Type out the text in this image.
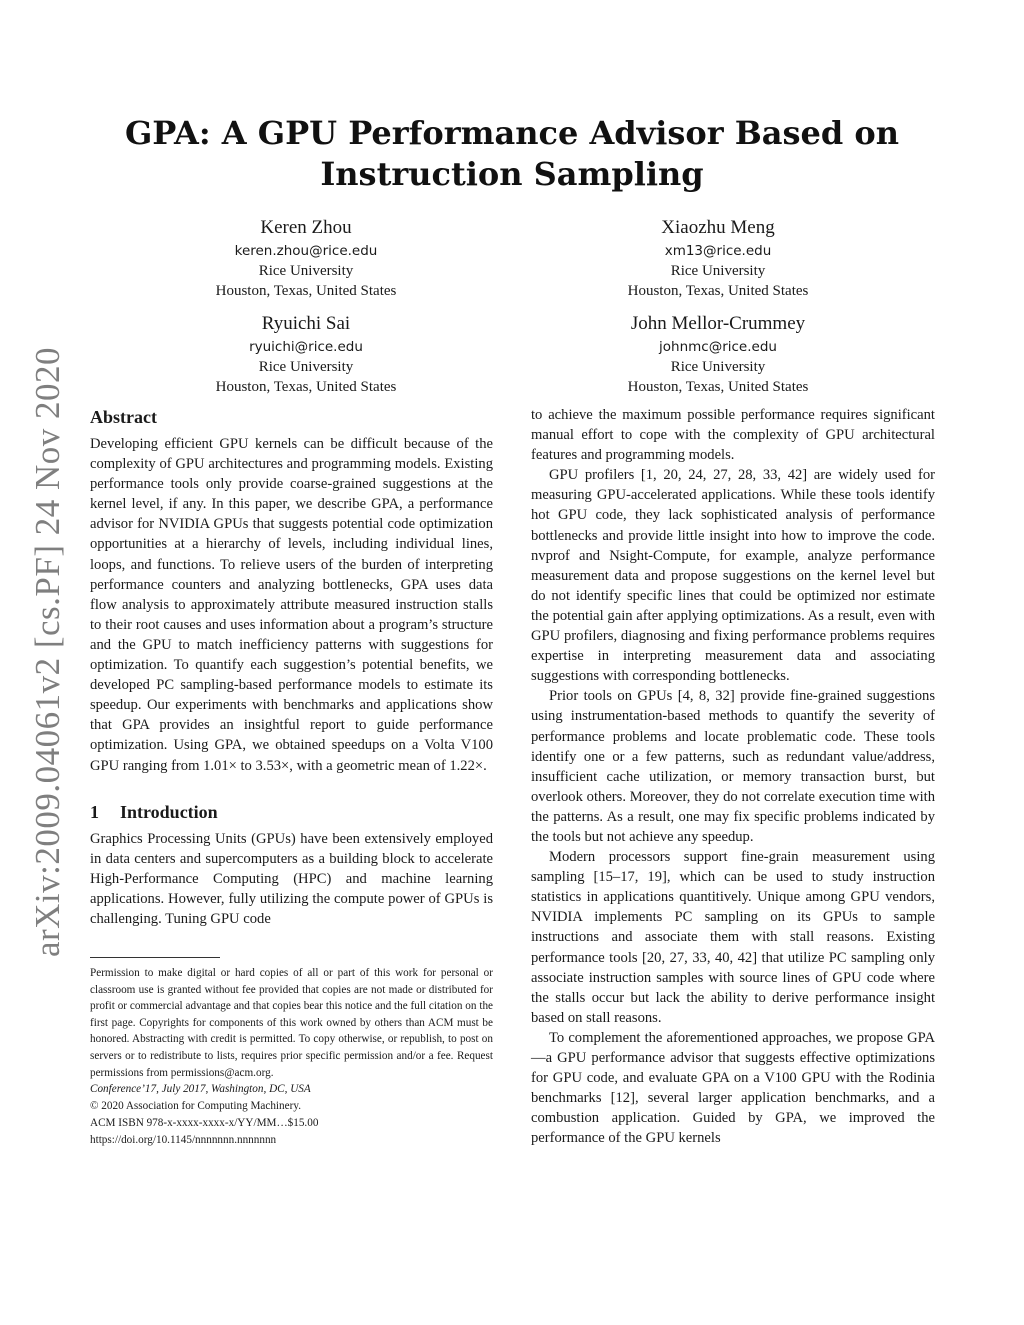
arXiv:2009.04061v2 [cs.PF] 24 Nov 2020
GPA: A GPU Performance Advisor Based on
Instruction Sampling
Keren Zhou
keren.zhou@rice.edu
Rice University
Houston, Texas, United States
Xiaozhu Meng
xm13@rice.edu
Rice University
Houston, Texas, United States
Ryuichi Sai
ryuichi@rice.edu
Rice University
Houston, Texas, United States
John Mellor-Crummey
johnmc@rice.edu
Rice University
Houston, Texas, United States
Abstract

Developing efficient GPU kernels can be difficult because of the complexity of GPU architectures and programming models. Existing performance tools only provide coarse-grained suggestions at the kernel level, if any. In this paper, we describe GPA, a performance advisor for NVIDIA GPUs that suggests potential code optimization opportunities at a hierarchy of levels, including individual lines, loops, and functions. To relieve users of the burden of interpreting performance counters and analyzing bottlenecks, GPA uses data flow analysis to approximately attribute measured instruction stalls to their root causes and uses information about a program’s structure and the GPU to match inefficiency patterns with suggestions for optimization. To quantify each suggestion’s potential benefits, we developed PC sampling-based performance models to estimate its speedup. Our experiments with benchmarks and applications show that GPA provides an insightful report to guide performance optimization. Using GPA, we obtained speedups on a Volta V100 GPU ranging from 1.01× to 3.53×, with a geometric mean of 1.22×.

1 Introduction

Graphics Processing Units (GPUs) have been extensively employed in data centers and supercomputers as a building block to accelerate High-Performance Computing (HPC) and machine learning applications. However, fully utilizing the compute power of GPUs is challenging. Tuning GPU code

Permission to make digital or hard copies of all or part of this work for personal or classroom use is granted without fee provided that copies are not made or distributed for profit or commercial advantage and that copies bear this notice and the full citation on the first page. Copyrights for components of this work owned by others than ACM must be honored. Abstracting with credit is permitted. To copy otherwise, or republish, to post on servers or to redistribute to lists, requires prior specific permission and/or a fee. Request permissions from permissions@acm.org.

Conference’17, July 2017, Washington, DC, USA

© 2020 Association for Computing Machinery.

ACM ISBN 978-x-xxxx-xxxx-x/YY/MM…$15.00

https://doi.org/10.1145/nnnnnnn.nnnnnnn

to achieve the maximum possible performance requires significant manual effort to cope with the complexity of GPU architectural features and programming models.

GPU profilers [1, 20, 24, 27, 28, 33, 42] are widely used for measuring GPU-accelerated applications. While these tools identify hot GPU code, they lack sophisticated analysis of performance bottlenecks and provide little insight into how to improve the code. nvprof and Nsight-Compute, for example, analyze performance measurement data and propose suggestions on the kernel level but do not identify specific lines that could be optimized nor estimate the potential gain after applying optimizations. As a result, even with GPU profilers, diagnosing and fixing performance problems requires expertise in interpreting measurement data and associating suggestions with corresponding bottlenecks.

Prior tools on GPUs [4, 8, 32] provide fine-grained suggestions using instrumentation-based methods to quantify the severity of performance problems and locate problematic code. These tools identify one or a few patterns, such as redundant value/address, insufficient cache utilization, or memory transaction burst, but overlook others. Moreover, they do not correlate execution time with the patterns. As a result, one may fix specific problems indicated by the tools but not achieve any speedup.

Modern processors support fine-grain measurement using sampling [15–17, 19], which can be used to study instruction statistics in applications quantitively. Unique among GPU vendors, NVIDIA implements PC sampling on its GPUs to sample instructions and associate them with stall reasons. Existing performance tools [20, 27, 33, 40, 42] that utilize PC sampling only associate instruction samples with source lines of GPU code where the stalls occur but lack the ability to derive performance insight based on stall reasons.

To complement the aforementioned approaches, we propose GPA—a GPU performance advisor that suggests effective optimizations for GPU code, and evaluate GPA on a V100 GPU with the Rodinia benchmarks [12], several larger application benchmarks, and a combustion application. Guided by GPA, we improved the performance of the GPU kernels
